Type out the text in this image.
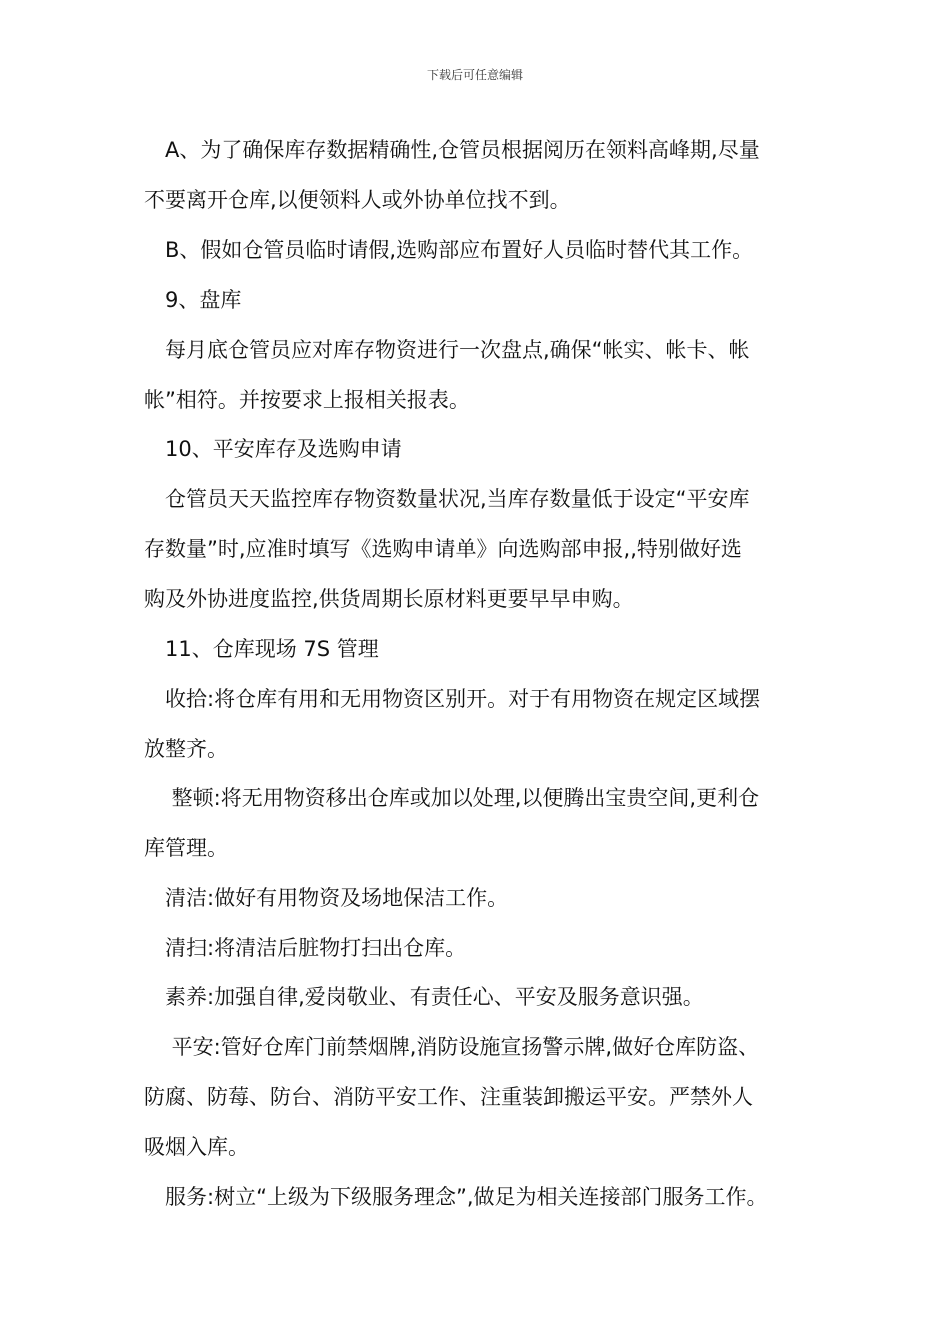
下载后可任意编辑
　A、为了确保库存数据精确性,仓管员根据阅历在领料高峰期,尽量
不要离开仓库,以便领料人或外协单位找不到。
　B、假如仓管员临时请假,选购部应布置好人员临时替代其工作。
　9、盘库
　每月底仓管员应对库存物资进行一次盘点,确保“帐实、帐卡、帐
帐”相符。并按要求上报相关报表。
　10、平安库存及选购申请
　仓管员天天监控库存物资数量状况,当库存数量低于设定“平安库
存数量”时,应准时填写《选购申请单》向选购部申报,,特别做好选
购及外协进度监控,供货周期长原材料更要早早申购。
　11、仓库现场 7S 管理
　收拾:将仓库有用和无用物资区别开。对于有用物资在规定区域摆
放整齐。
　 整顿:将无用物资移出仓库或加以处理,以便腾出宝贵空间,更利仓
库管理。
　清洁:做好有用物资及场地保洁工作。
　清扫:将清洁后脏物打扫出仓库。
　素养:加强自律,爱岗敬业、有责任心、平安及服务意识强。
　 平安:管好仓库门前禁烟牌,消防设施宣扬警示牌,做好仓库防盗、
防腐、防莓、防台、消防平安工作、注重装卸搬运平安。严禁外人
吸烟入库。
　服务:树立“上级为下级服务理念”,做足为相关连接部门服务工作。
